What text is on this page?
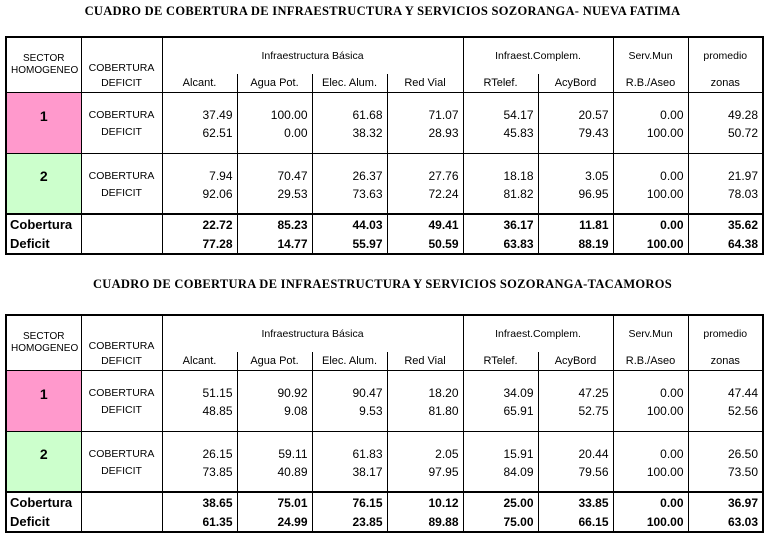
CUADRO DE COBERTURA DE INFRAESTRUCTURA Y SERVICIOS SOZORANGA- NUEVA FATIMA
SECTOR
HOMOGENEO	COBERTURA	Infraestructura Básica				Infraest.Complem.		Serv.Mun	promedio
	DEFICIT	Alcant.	Agua Pot.	Elec. Alum.	Red Vial	RTelef.	AcyBord	R.B./Aseo	zonas
1									
	COBERTURA	37.49	100.00	61.68	71.07	54.17	20.57	0.00	49.28
	DEFICIT	62.51	0.00	38.32	28.93	45.83	79.43	100.00	50.72
2									
	COBERTURA	7.94	70.47	26.37	27.76	18.18	3.05	0.00	21.97
	DEFICIT	92.06	29.53	73.63	72.24	81.82	96.95	100.00	78.03
Cobertura		22.72	85.23	44.03	49.41	36.17	11.81	0.00	35.62
Deficit		77.28	14.77	55.97	50.59	63.83	88.19	100.00	64.38
CUADRO DE COBERTURA DE INFRAESTRUCTURA Y SERVICIOS SOZORANGA-TACAMOROS
SECTOR
HOMOGENEO	COBERTURA	Infraestructura Básica				Infraest.Complem.		Serv.Mun	promedio
	DEFICIT	Alcant.	Agua Pot.	Elec. Alum.	Red Vial	RTelef.	AcyBord	R.B./Aseo	zonas
1									
	COBERTURA	51.15	90.92	90.47	18.20	34.09	47.25	0.00	47.44
	DEFICIT	48.85	9.08	9.53	81.80	65.91	52.75	100.00	52.56
2									
	COBERTURA	26.15	59.11	61.83	2.05	15.91	20.44	0.00	26.50
	DEFICIT	73.85	40.89	38.17	97.95	84.09	79.56	100.00	73.50
Cobertura		38.65	75.01	76.15	10.12	25.00	33.85	0.00	36.97
Deficit		61.35	24.99	23.85	89.88	75.00	66.15	100.00	63.03
